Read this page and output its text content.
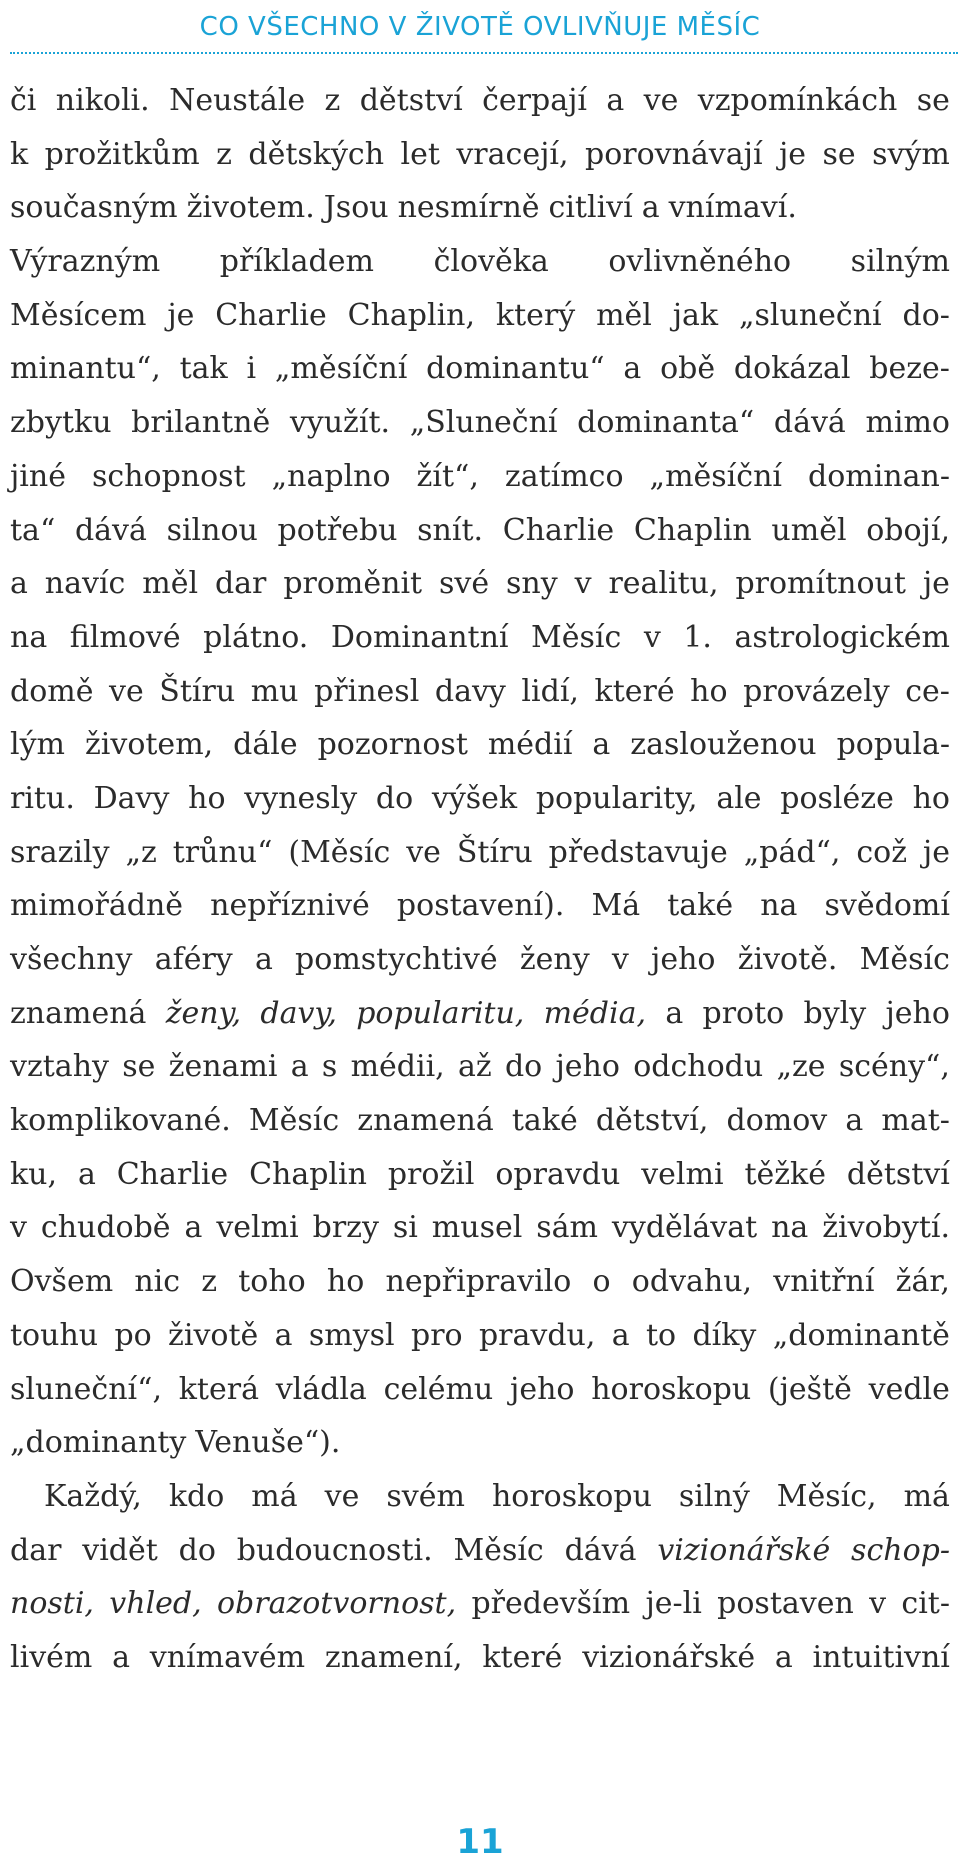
CO VŠECHNO V ŽIVOTĚ OVLIVŇUJE MĚSÍC
či nikoli. Neustále z dětství čerpají a ve vzpomínkách se
k prožitkům z dětských let vracejí, porovnávají je se svým
současným životem. Jsou nesmírně citliví a vnímaví.
Výrazným příkladem člověka ovlivněného silným
Měsícem je Charlie Chaplin, který měl jak „sluneční do-
minantu“, tak i „měsíční dominantu“ a obě dokázal beze-
zbytku brilantně využít. „Sluneční dominanta“ dává mimo
jiné schopnost „naplno žít“, zatímco „měsíční dominan-
ta“ dává silnou potřebu snít. Charlie Chaplin uměl obojí,
a navíc měl dar proměnit své sny v realitu, promítnout je
na filmové plátno. Dominantní Měsíc v 1. astrologickém
domě ve Štíru mu přinesl davy lidí, které ho provázely ce-
lým životem, dále pozornost médií a zaslouženou popula-
ritu. Davy ho vynesly do výšek popularity, ale posléze ho
srazily „z trůnu“ (Měsíc ve Štíru představuje „pád“, což je
mimořádně nepříznivé postavení). Má také na svědomí
všechny aféry a pomstychtivé ženy v jeho životě. Měsíc
znamená ženy, davy, popularitu, média, a proto byly jeho
vztahy se ženami a s médii, až do jeho odchodu „ze scény“,
komplikované. Měsíc znamená také dětství, domov a mat-
ku, a Charlie Chaplin prožil opravdu velmi těžké dětství
v chudobě a velmi brzy si musel sám vydělávat na živobytí.
Ovšem nic z toho ho nepřipravilo o odvahu, vnitřní žár,
touhu po životě a smysl pro pravdu, a to díky „dominantě
sluneční“, která vládla celému jeho horoskopu (ještě vedle
„dominanty Venuše“).
Každý, kdo má ve svém horoskopu silný Měsíc, má
dar vidět do budoucnosti. Měsíc dává vizionářské schop-
nosti, vhled, obrazotvornost, především je-li postaven v cit-
livém a vnímavém znamení, které vizionářské a intuitivní
11
